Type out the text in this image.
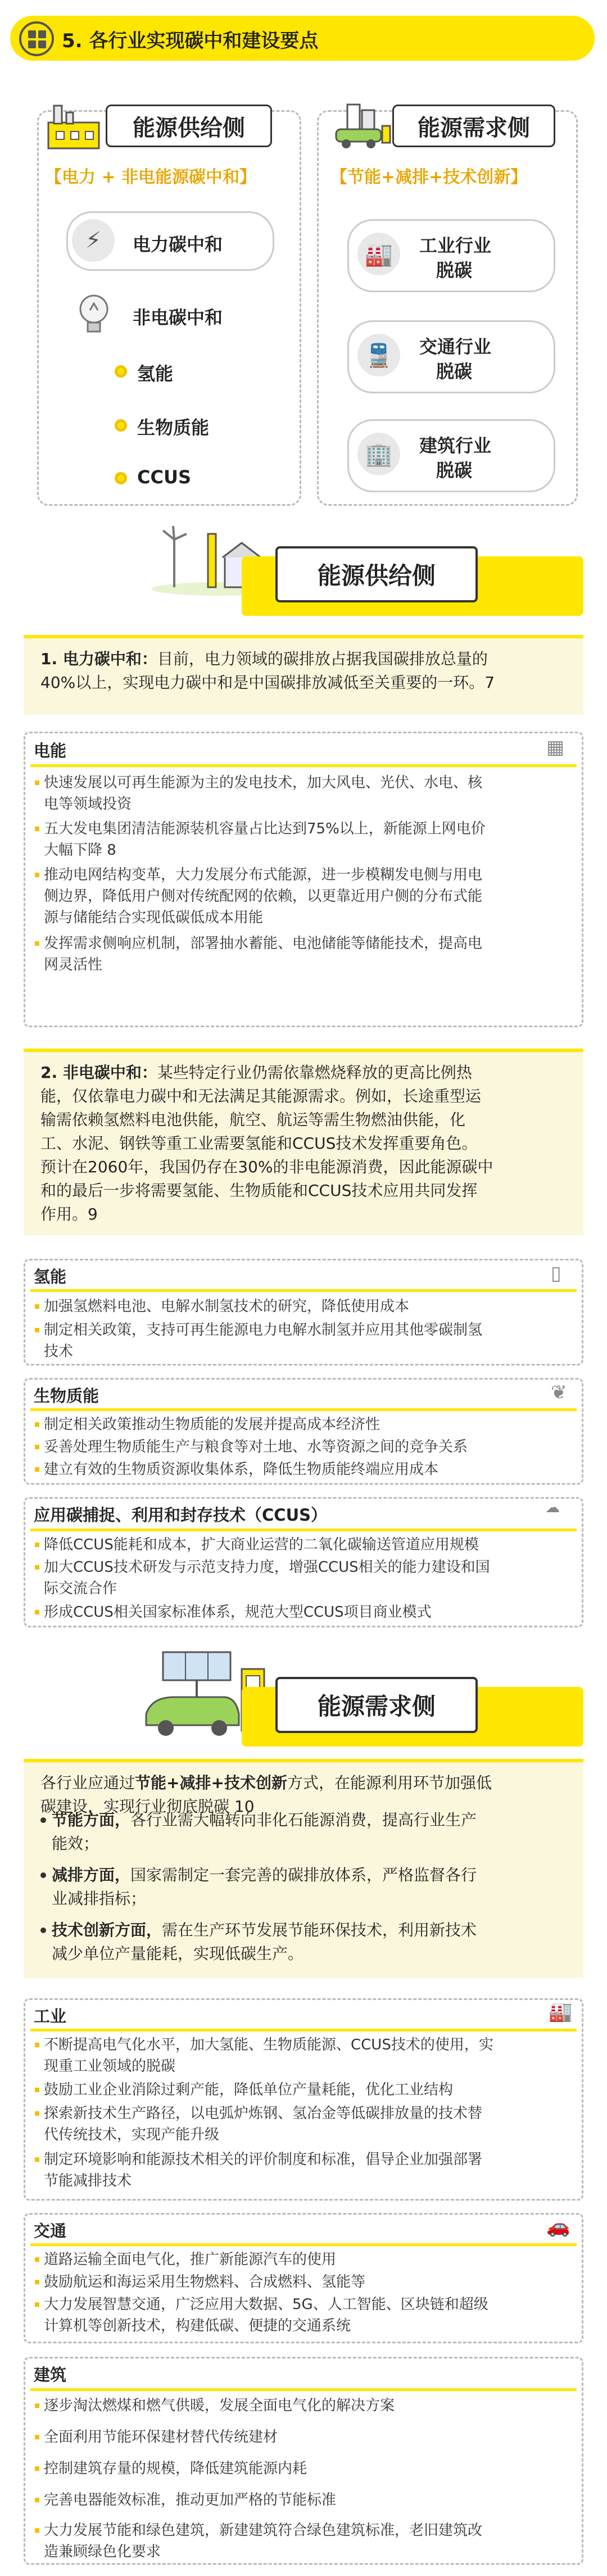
5. 各行业实现碳中和建设要点
能源供给侧
【电力 + 非电能源碳中和】
⚡	电力碳中和
非电碳中和
氢能
生物质能
CCUS
能源需求侧
【节能+减排+技术创新】
🏭	工业行业
脱碳
🚆	交通行业
脱碳
🏢	建筑行业
脱碳
能源供给侧
1. 电力碳中和：目前，电力领域的碳排放占据我国碳排放总量的
40%以上，实现电力碳中和是中国碳排放减低至关重要的一环。7
电能	▦
快速发展以可再生能源为主的发电技术，加大风电、光伏、水电、核
电等领域投资
五大发电集团清洁能源装机容量占比达到75%以上，新能源上网电价
大幅下降 8
推动电网结构变革，大力发展分布式能源，进一步模糊发电侧与用电
侧边界，降低用户侧对传统配网的依赖，以更靠近用户侧的分布式能
源与储能结合实现低碳低成本用能
发挥需求侧响应机制，部署抽水蓄能、电池储能等储能技术，提高电
网灵活性
2. 非电碳中和：某些特定行业仍需依靠燃烧释放的更高比例热
能，仅依靠电力碳中和无法满足其能源需求。例如，长途重型运
输需依赖氢燃料电池供能，航空、航运等需生物燃油供能，化
工、水泥、钢铁等重工业需要氢能和CCUS技术发挥重要角色。
预计在2060年，我国仍存在30%的非电能源消费，因此能源碳中
和的最后一步将需要氢能、生物质能和CCUS技术应用共同发挥
作用。9
氢能	▯
加强氢燃料电池、电解水制氢技术的研究，降低使用成本
制定相关政策，支持可再生能源电力电解水制氢并应用其他零碳制氢
技术
生物质能	❦
制定相关政策推动生物质能的发展并提高成本经济性
妥善处理生物质能生产与粮食等对土地、水等资源之间的竞争关系
建立有效的生物质资源收集体系，降低生物质能终端应用成本
应用碳捕捉、利用和封存技术（CCUS）	☁
降低CCUS能耗和成本，扩大商业运营的二氧化碳输送管道应用规模
加大CCUS技术研发与示范支持力度，增强CCUS相关的能力建设和国
际交流合作
形成CCUS相关国家标准体系，规范大型CCUS项目商业模式
能源需求侧
各行业应通过节能+减排+技术创新方式，在能源利用环节加强低
碳建设，实现行业彻底脱碳 10
节能方面，各行业需大幅转向非化石能源消费，提高行业生产
能效；
减排方面，国家需制定一套完善的碳排放体系，严格监督各行
业减排指标；
技术创新方面，需在生产环节发展节能环保技术，利用新技术
减少单位产量能耗，实现低碳生产。
工业	🏭
不断提高电气化水平，加大氢能、生物质能源、CCUS技术的使用，实
现重工业领域的脱碳
鼓励工业企业消除过剩产能，降低单位产量耗能，优化工业结构
探索新技术生产路径，以电弧炉炼钢、氢冶金等低碳排放量的技术替
代传统技术，实现产能升级
制定环境影响和能源技术相关的评价制度和标准，倡导企业加强部署
节能减排技术
交通	🚗
道路运输全面电气化，推广新能源汽车的使用
鼓励航运和海运采用生物燃料、合成燃料、氢能等
大力发展智慧交通，广泛应用大数据、5G、人工智能、区块链和超级
计算机等创新技术，构建低碳、便捷的交通系统
建筑
逐步淘汰燃煤和燃气供暖，发展全面电气化的解决方案
全面利用节能环保建材替代传统建材
控制建筑存量的规模，降低建筑能源内耗
完善电器能效标准，推动更加严格的节能标准
大力发展节能和绿色建筑，新建建筑符合绿色建筑标准，老旧建筑改
造兼顾绿色化要求
